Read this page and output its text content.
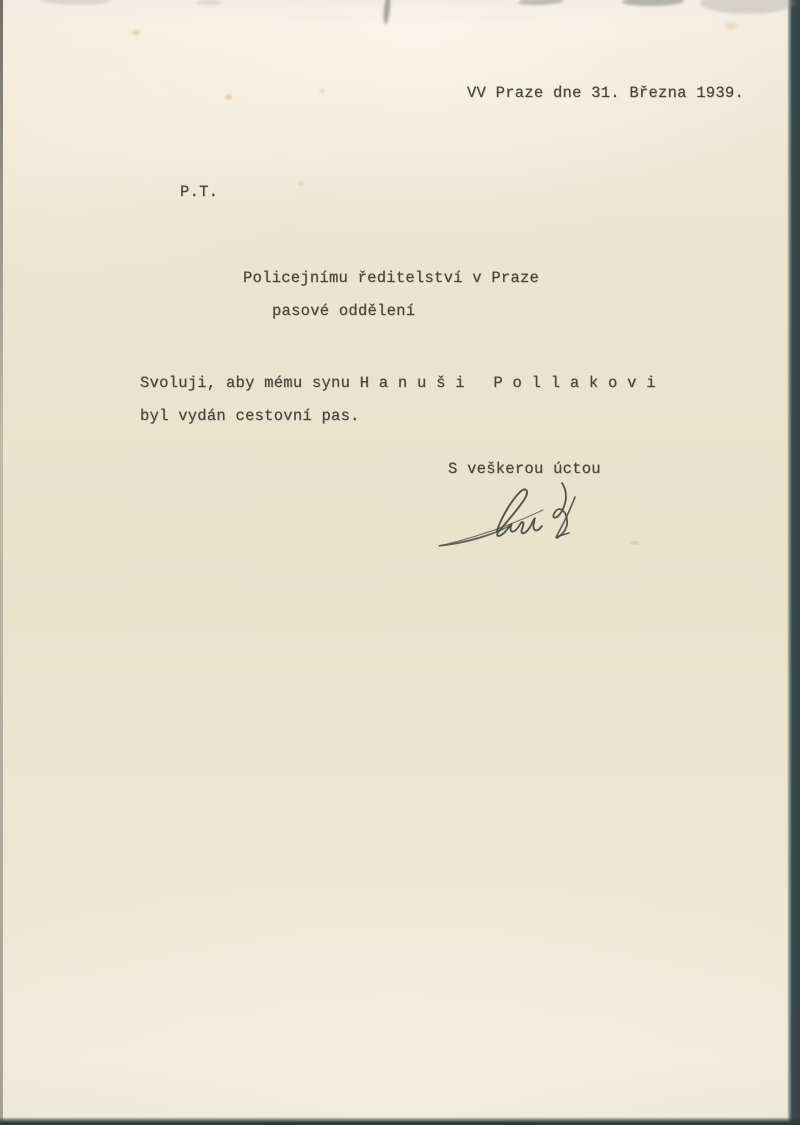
VV Praze dne 31. Března 1939.
P.T.
Policejnímu ředitelství v Praze
pasové oddělení
Svoluji, aby mému synu H a n u š i   P o l l a k o v i
byl vydán cestovní pas.
S veškerou úctou
